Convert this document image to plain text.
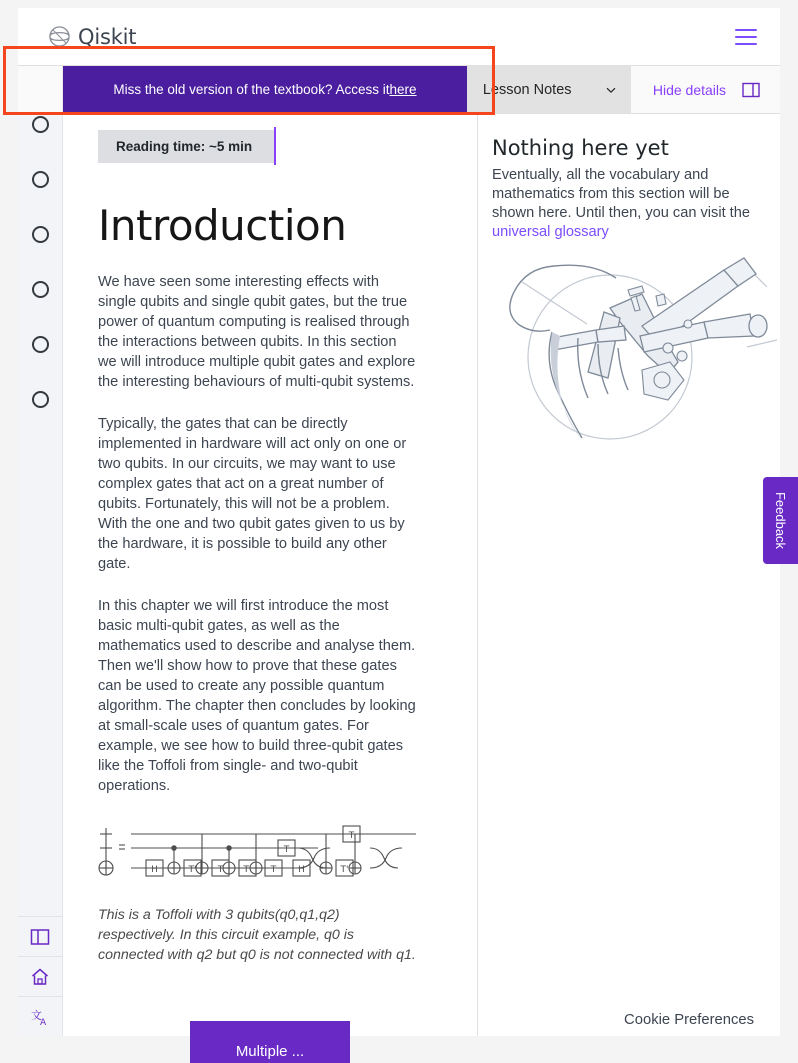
Qiskit
Miss the old version of the textbook? Access it here	Lesson Notes	Hide details
文
A
Reading time: ~5 min
Introduction

We have seen some interesting effects with single qubits and single qubit gates, but the true power of quantum computing is realised through the interactions between qubits. In this section we will introduce multiple qubit gates and explore the interesting behaviours of multi-qubit systems.

Typically, the gates that can be directly implemented in hardware will act only on one or two qubits. In our circuits, we may want to use complex gates that act on a great number of qubits. Fortunately, this will not be a problem. With the one and two qubit gates given to us by the hardware, it is possible to build any other gate.

In this chapter we will first introduce the most basic multi-qubit gates, as well as the mathematics used to describe and analyse them. Then we'll show how to prove that these gates can be used to create any possible quantum algorithm. The chapter then concludes by looking at small-scale uses of quantum gates. For example, we see how to build three-qubit gates like the Toffoli from single- and two-qubit operations.

H	T' T T' T H	T'
T
T

This is a Toffoli with 3 qubits(q0,q1,q2) respectively. In this circuit example, q0 is connected with q2 but q0 is not connected with q1.

Multiple ...
Nothing here yet

Eventually, all the vocabulary and mathematics from this section will be shown here. Until then, you can visit the universal glossary

Cookie Preferences
Feedback
